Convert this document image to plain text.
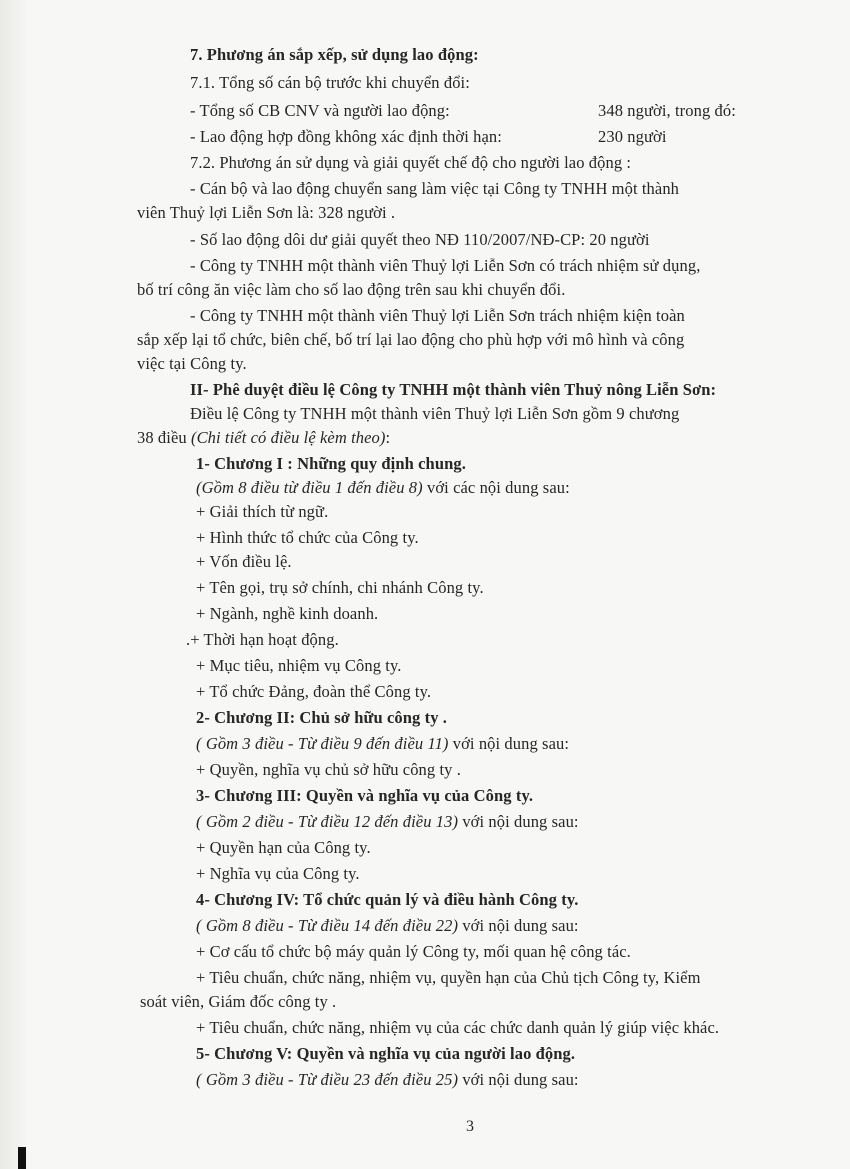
7. Phương án sắp xếp, sử dụng lao động:
7.1. Tổng số cán bộ trước khi chuyển đổi:
- Tổng số CB CNV và người lao động:	348 người, trong đó:
- Lao động hợp đồng không xác định thời hạn:	230 người
7.2. Phương án sử dụng và giải quyết chế độ cho người lao động :
- Cán bộ và lao động chuyển sang làm việc tại Công ty TNHH một thành
viên Thuỷ lợi Liễn Sơn là: 328 người .
- Số lao động dôi dư giải quyết theo NĐ 110/2007/NĐ-CP: 20 người
- Công ty TNHH một thành viên Thuỷ lợi Liễn Sơn có trách nhiệm sử dụng,
bố trí công ăn việc làm cho số lao động trên sau khi chuyển đổi.
- Công ty TNHH một thành viên Thuỷ lợi Liễn Sơn trách nhiệm kiện toàn
sắp xếp lại tổ chức, biên chế, bố trí lại lao động cho phù hợp với mô hình và công
việc tại Công ty.
II- Phê duyệt điều lệ Công ty TNHH một thành viên Thuỷ nông Liễn Sơn:
Điều lệ Công ty TNHH một thành viên Thuỷ lợi Liễn Sơn gồm 9 chương
38 điều (Chi tiết có điều lệ kèm theo):
1- Chương I : Những quy định chung.
(Gồm 8 điều từ điều 1 đến điều 8) với các nội dung sau:
+ Giải thích từ ngữ.
+ Hình thức tổ chức của Công ty.
+ Vốn điều lệ.
+ Tên gọi, trụ sở chính, chi nhánh Công ty.
+ Ngành, nghề kinh doanh.
.+ Thời hạn hoạt động.
+ Mục tiêu, nhiệm vụ Công ty.
+ Tổ chức Đảng, đoàn thể Công ty.
2- Chương II: Chủ sở hữu công ty .
( Gồm 3 điều - Từ điều 9 đến điều 11) với nội dung sau:
+ Quyền, nghĩa vụ chủ sở hữu công ty .
3- Chương III: Quyền và nghĩa vụ của Công ty.
( Gồm 2 điều - Từ điều 12 đến điều 13) với nội dung sau:
+ Quyền hạn của Công ty.
+ Nghĩa vụ của Công ty.
4- Chương IV: Tổ chức quản lý và điều hành Công ty.
( Gồm 8 điều - Từ điều 14 đến điều 22) với nội dung sau:
+ Cơ cấu tổ chức bộ máy quản lý Công ty, mối quan hệ công tác.
+ Tiêu chuẩn, chức năng, nhiệm vụ, quyền hạn của Chủ tịch Công ty, Kiểm
soát viên, Giám đốc công ty .
+ Tiêu chuẩn, chức năng, nhiệm vụ của các chức danh quản lý giúp việc khác.
5- Chương V: Quyền và nghĩa vụ của người lao động.
( Gồm 3 điều - Từ điều 23 đến điều 25) với nội dung sau:
3
